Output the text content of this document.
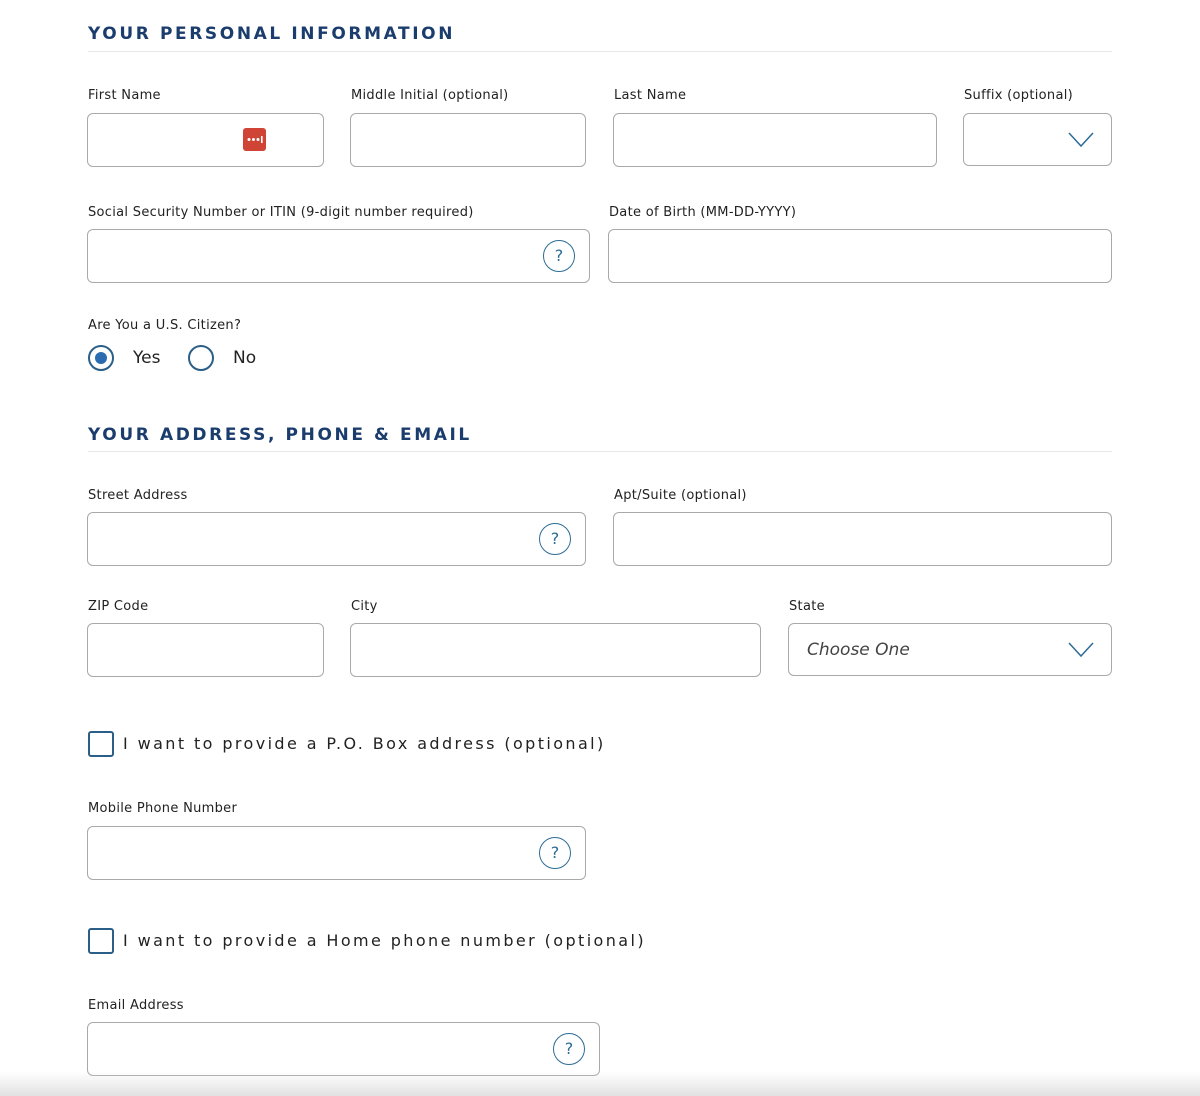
YOUR PERSONAL INFORMATION
First Name	Middle Initial (optional)	Last Name	Suffix (optional)
Social Security Number or ITIN (9-digit number required)
?
Date of Birth (MM-DD-YYYY)
Are You a U.S. Citizen?
Yes	No
YOUR ADDRESS, PHONE & EMAIL
Street Address
?
Apt/Suite (optional)
ZIP Code	City	State
Choose One
I want to provide a P.O. Box address (optional)
Mobile Phone Number
?
I want to provide a Home phone number (optional)
Email Address
?
